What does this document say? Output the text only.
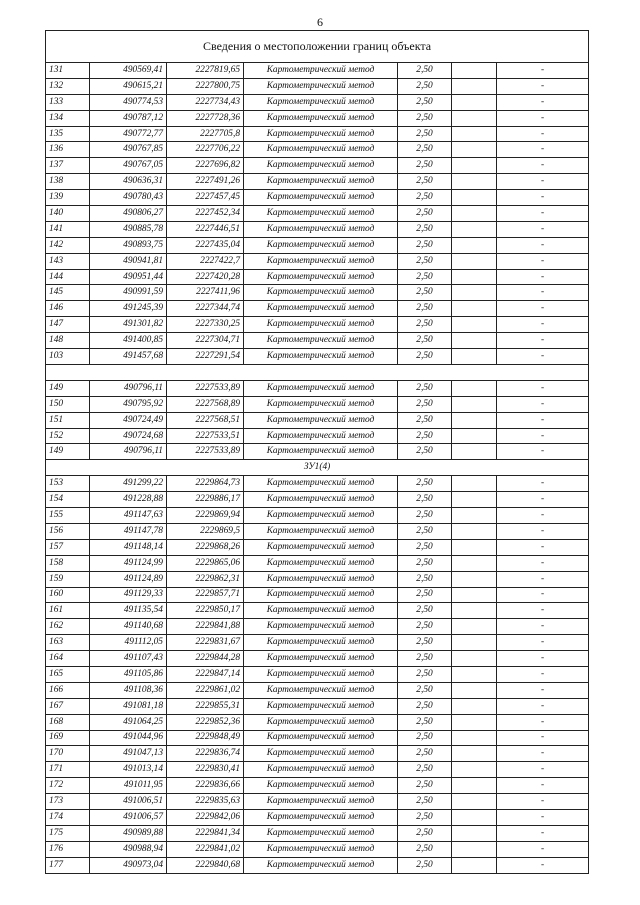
6
Сведения о местоположении границ объекта						
131	490569,41	2227819,65	Картометрический метод	2,50		-
132	490615,21	2227800,75	Картометрический метод	2,50		-
133	490774,53	2227734,43	Картометрический метод	2,50		-
134	490787,12	2227728,36	Картометрический метод	2,50		-
135	490772,77	2227705,8	Картометрический метод	2,50		-
136	490767,85	2227706,22	Картометрический метод	2,50		-
137	490767,05	2227696,82	Картометрический метод	2,50		-
138	490636,31	2227491,26	Картометрический метод	2,50		-
139	490780,43	2227457,45	Картометрический метод	2,50		-
140	490806,27	2227452,34	Картометрический метод	2,50		-
141	490885,78	2227446,51	Картометрический метод	2,50		-
142	490893,75	2227435,04	Картометрический метод	2,50		-
143	490941,81	2227422,7	Картометрический метод	2,50		-
144	490951,44	2227420,28	Картометрический метод	2,50		-
145	490991,59	2227411,96	Картометрический метод	2,50		-
146	491245,39	2227344,74	Картометрический метод	2,50		-
147	491301,82	2227330,25	Картометрический метод	2,50		-
148	491400,85	2227304,71	Картометрический метод	2,50		-
103	491457,68	2227291,54	Картометрический метод	2,50		-

149	490796,11	2227533,89	Картометрический метод	2,50		-
150	490795,92	2227568,89	Картометрический метод	2,50		-
151	490724,49	2227568,51	Картометрический метод	2,50		-
152	490724,68	2227533,51	Картометрический метод	2,50		-
149	490796,11	2227533,89	Картометрический метод	2,50		-
ЗУ1(4)						
153	491299,22	2229864,73	Картометрический метод	2,50		-
154	491228,88	2229886,17	Картометрический метод	2,50		-
155	491147,63	2229869,94	Картометрический метод	2,50		-
156	491147,78	2229869,5	Картометрический метод	2,50		-
157	491148,14	2229868,26	Картометрический метод	2,50		-
158	491124,99	2229865,06	Картометрический метод	2,50		-
159	491124,89	2229862,31	Картометрический метод	2,50		-
160	491129,33	2229857,71	Картометрический метод	2,50		-
161	491135,54	2229850,17	Картометрический метод	2,50		-
162	491140,68	2229841,88	Картометрический метод	2,50		-
163	491112,05	2229831,67	Картометрический метод	2,50		-
164	491107,43	2229844,28	Картометрический метод	2,50		-
165	491105,86	2229847,14	Картометрический метод	2,50		-
166	491108,36	2229861,02	Картометрический метод	2,50		-
167	491081,18	2229855,31	Картометрический метод	2,50		-
168	491064,25	2229852,36	Картометрический метод	2,50		-
169	491044,96	2229848,49	Картометрический метод	2,50		-
170	491047,13	2229836,74	Картометрический метод	2,50		-
171	491013,14	2229830,41	Картометрический метод	2,50		-
172	491011,95	2229836,66	Картометрический метод	2,50		-
173	491006,51	2229835,63	Картометрический метод	2,50		-
174	491006,57	2229842,06	Картометрический метод	2,50		-
175	490989,88	2229841,34	Картометрический метод	2,50		-
176	490988,94	2229841,02	Картометрический метод	2,50		-
177	490973,04	2229840,68	Картометрический метод	2,50		-
